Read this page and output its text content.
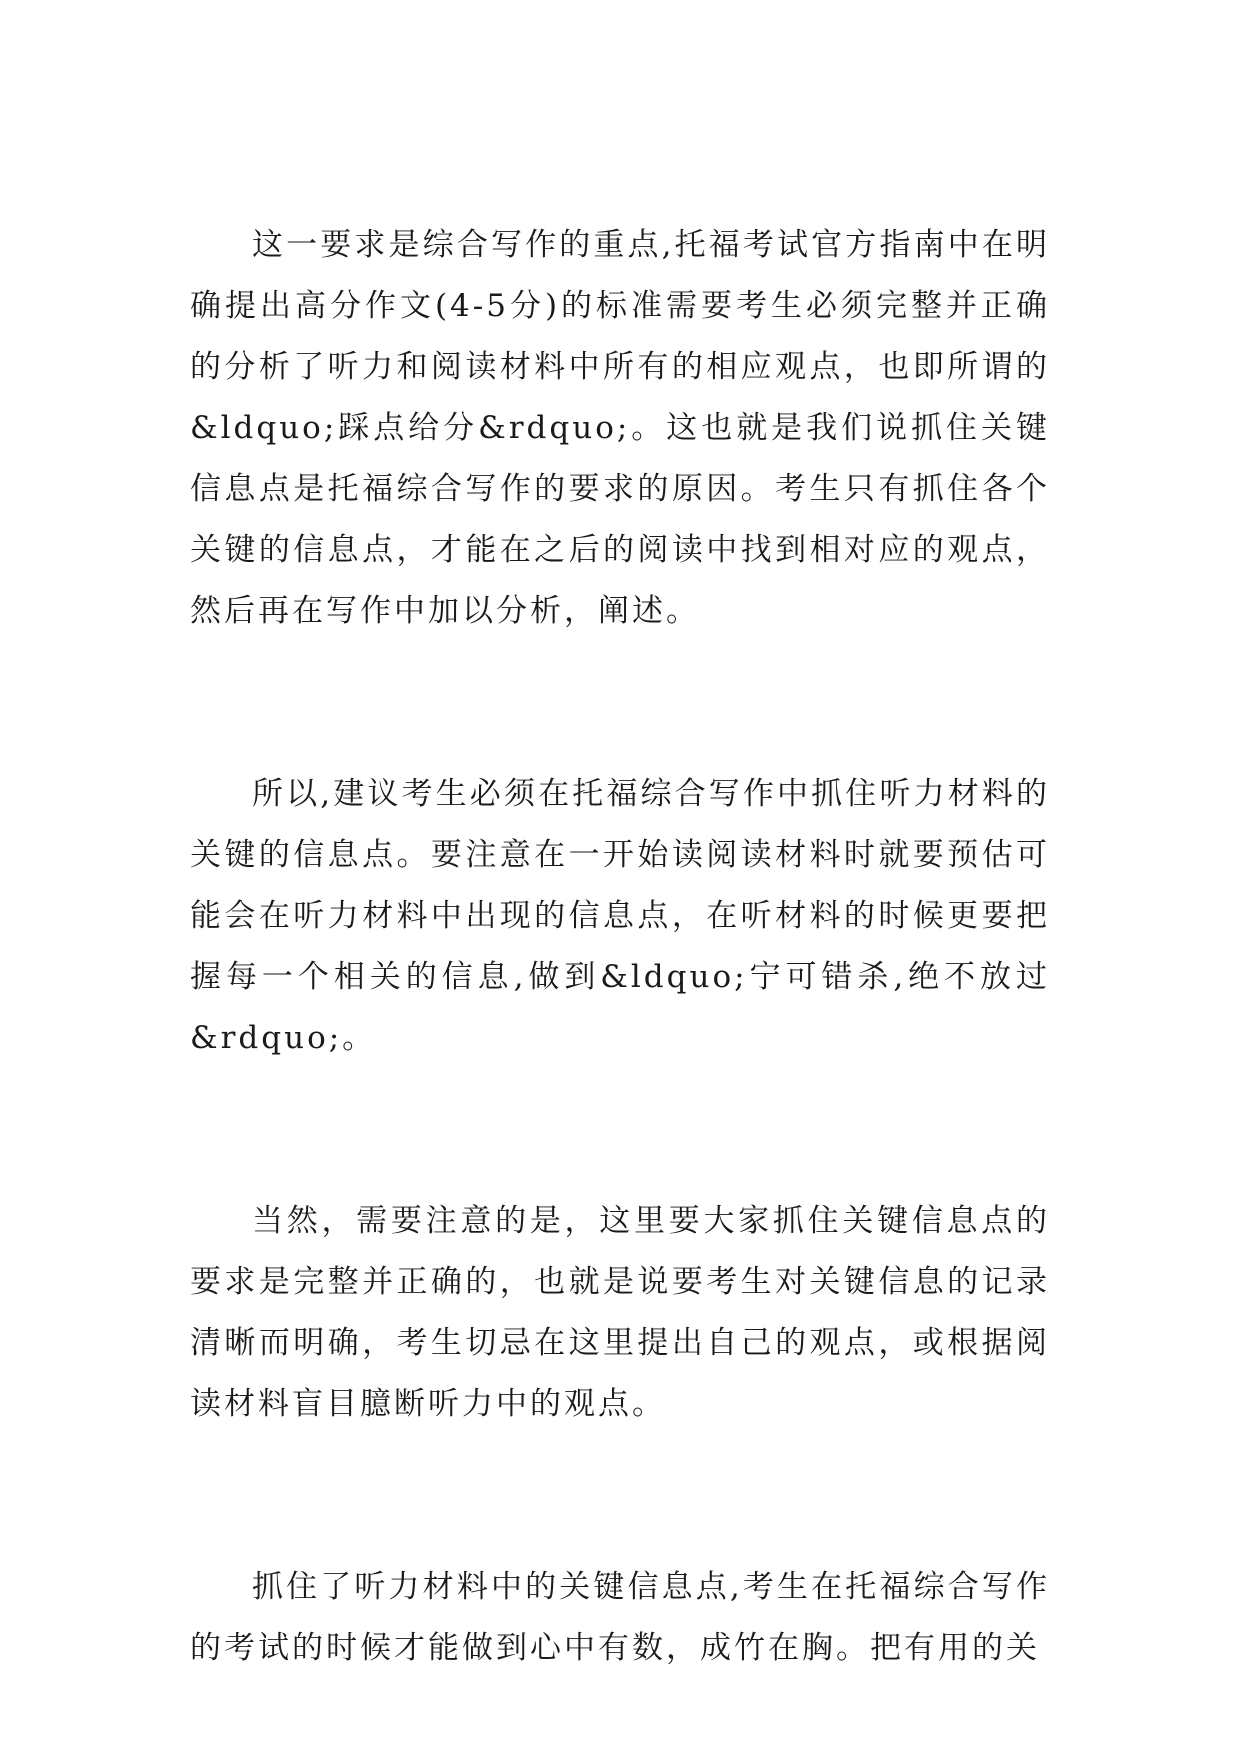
这一要求是综合写作的重点,托福考试官方指南中在明确提出高分作文(4-5分)的标准需要考生必须完整并正确的分析了听力和阅读材料中所有的相应观点，也即所谓的&ldquo;踩点给分&rdquo;。这也就是我们说抓住关键信息点是托福综合写作的要求的原因。考生只有抓住各个关键的信息点，才能在之后的阅读中找到相对应的观点，然后再在写作中加以分析，阐述。

所以,建议考生必须在托福综合写作中抓住听力材料的关键的信息点。要注意在一开始读阅读材料时就要预估可能会在听力材料中出现的信息点，在听材料的时候更要把握每一个相关的信息,做到&ldquo;宁可错杀,绝不放过&rdquo;。

当然，需要注意的是，这里要大家抓住关键信息点的要求是完整并正确的，也就是说要考生对关键信息的记录清晰而明确，考生切忌在这里提出自己的观点，或根据阅读材料盲目臆断听力中的观点。

抓住了听力材料中的关键信息点,考生在托福综合写作的考试的时候才能做到心中有数，成竹在胸。把有用的关
